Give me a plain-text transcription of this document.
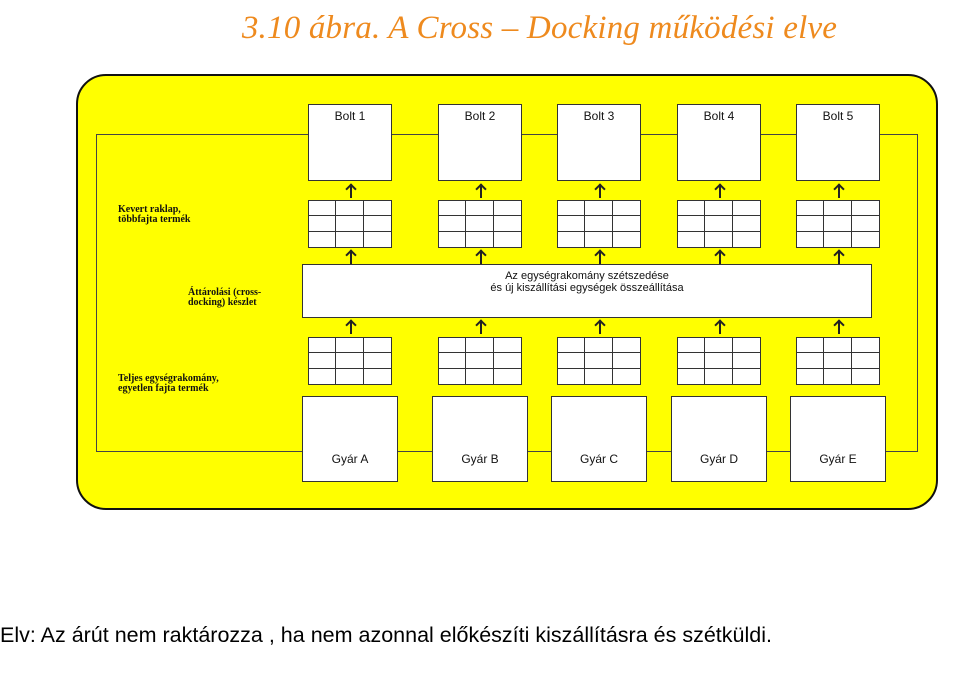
3.10 ábra. A Cross – Docking működési elve
Bolt 1	Bolt 2	Bolt 3	Bolt 4	Bolt 5
Az egységrakomány szétszedése
és új kiszállítási egységek összeállítása
Gyár A	Gyár B	Gyár C	Gyár D	Gyár E
Kevert raklap,
többfajta termék
Áttárolási (cross-
docking) készlet
Teljes egységrakomány,
egyetlen fajta termék
Elv: Az árút nem raktározza , ha nem azonnal előkészíti kiszállításra és szétküldi.
